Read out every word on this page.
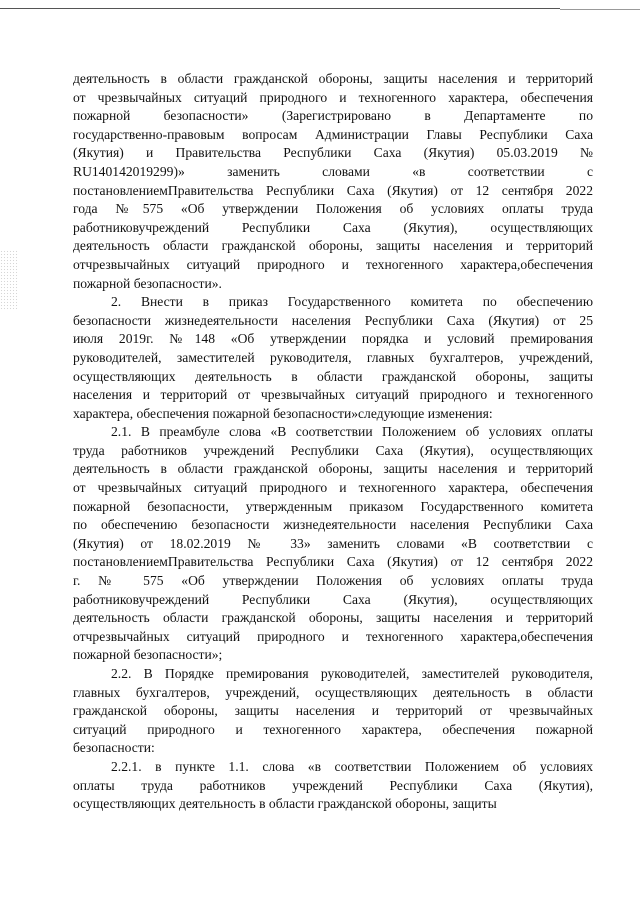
деятельность в области гражданской обороны, защиты населения и территорий
от чрезвычайных ситуаций природного и техногенного характера, обеспечения
пожарной безопасности» (Зарегистрировано в Департаменте по
государственно-правовым вопросам Администрации Главы Республики Саха
(Якутия) и Правительства Республики Саха (Якутия) 05.03.2019 №
RU140142019299)» заменить словами «в соответствии с
постановлениемПравительства Республики Саха (Якутия) от 12 сентября 2022
года №575 «Об утверждении Положения об условиях оплаты труда
работниковучреждений Республики Саха (Якутия), осуществляющих
деятельность области гражданской обороны, защиты населения и территорий
отчрезвычайных ситуаций природного и техногенного характера,обеспечения
пожарной безопасности».
2. Внести в приказ Государственного комитета по обеспечению
безопасности жизнедеятельности населения Республики Саха (Якутия) от 25
июля 2019г. №148 «Об утверждении порядка и условий премирования
руководителей, заместителей руководителя, главных бухгалтеров, учреждений,
осуществляющих деятельность в области гражданской обороны, защиты
населения и территорий от чрезвычайных ситуаций природного и техногенного
характера, обеспечения пожарной безопасности»следующие изменения:
2.1. В преамбуле слова «В соответствии Положением об условиях оплаты
труда работников учреждений Республики Саха (Якутия), осуществляющих
деятельность в области гражданской обороны, защиты населения и территорий
от чрезвычайных ситуаций природного и техногенного характера, обеспечения
пожарной безопасности, утвержденным приказом Государственного комитета
по обеспечению безопасности жизнедеятельности населения Республики Саха
(Якутия) от 18.02.2019 № 33» заменить словами «В соответствии с
постановлениемПравительства Республики Саха (Якутия) от 12 сентября 2022
г. № 575 «Об утверждении Положения об условиях оплаты труда
работниковучреждений Республики Саха (Якутия), осуществляющих
деятельность области гражданской обороны, защиты населения и территорий
отчрезвычайных ситуаций природного и техногенного характера,обеспечения
пожарной безопасности»;
2.2. В Порядке премирования руководителей, заместителей руководителя,
главных бухгалтеров, учреждений, осуществляющих деятельность в области
гражданской обороны, защиты населения и территорий от чрезвычайных
ситуаций природного и техногенного характера, обеспечения пожарной
безопасности:
2.2.1. в пункте 1.1. слова «в соответствии Положением об условиях
оплаты труда работников учреждений Республики Саха (Якутия),
осуществляющих деятельность в области гражданской обороны, защиты
